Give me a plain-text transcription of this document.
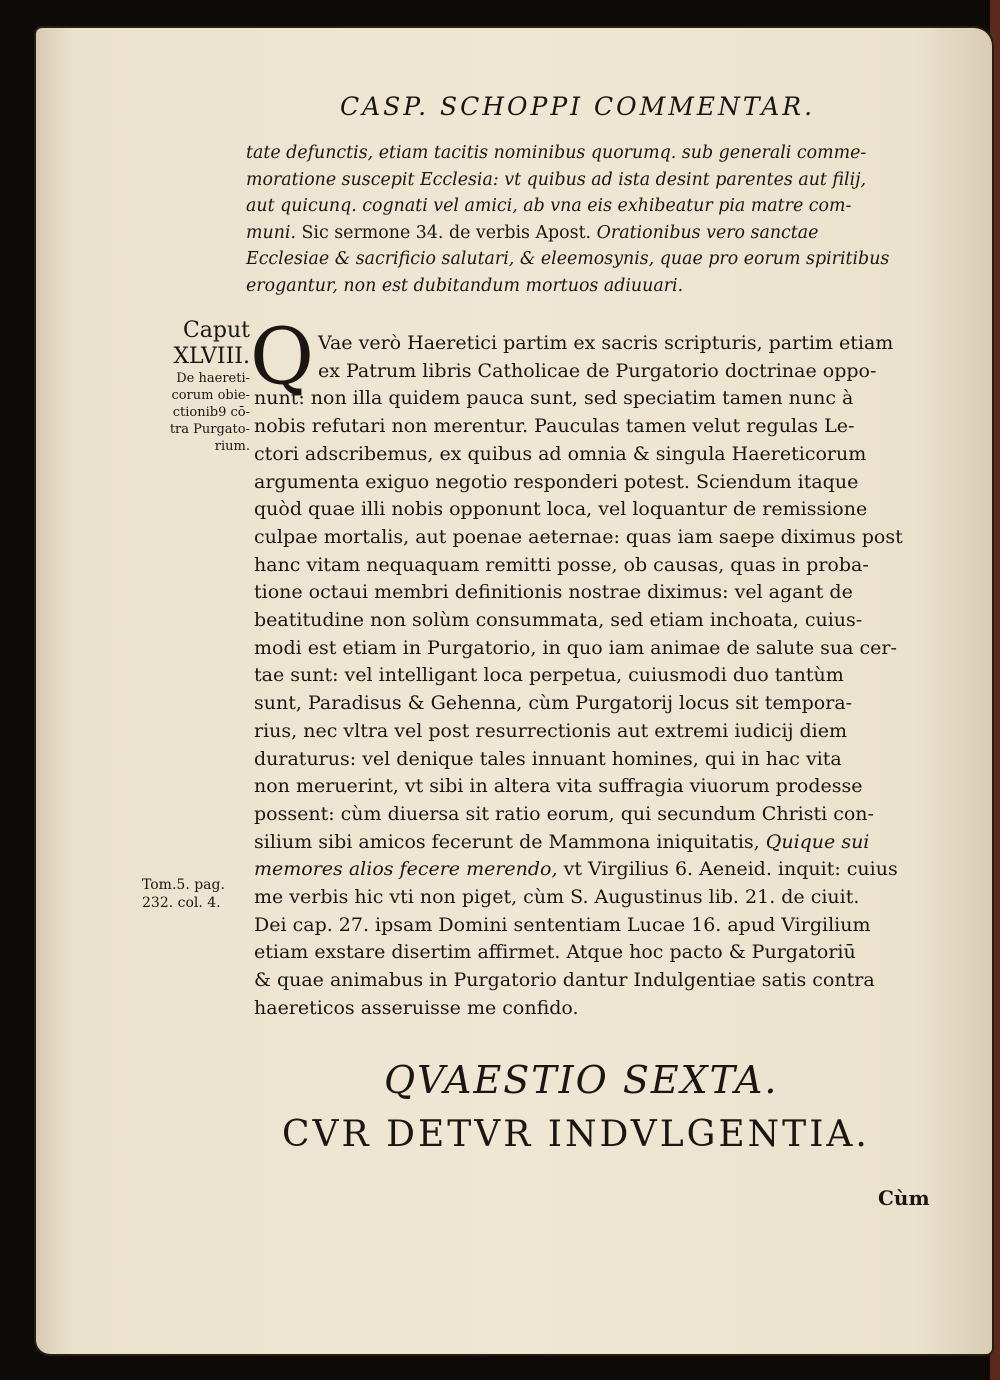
CASP. SCHOPPI COMMENTAR.
tate defunctis, etiam tacitis nominibus quorumq. sub generali comme-
moratione suscepit Ecclesia: vt quibus ad ista desint parentes aut filij,
aut quicunq. cognati vel amici, ab vna eis exhibeatur pia matre com-
muni. Sic sermone 34. de verbis Apost. Orationibus vero sanctae
Ecclesiae & sacrificio salutari, & eleemosynis, quae pro eorum spiritibus
erogantur, non est dubitandum mortuos adiuuari.
Caput
XLVIII.
De haereti-
corum obie-
ctionib9 cō-
tra Purgato-
rium.
Tom.5. pag.
232. col. 4.
Q Vae verò Haeretici partim ex sacris scripturis, partim etiam
ex Patrum libris Catholicae de Purgatorio doctrinae oppo-
nunt: non illa quidem pauca sunt, sed speciatim tamen nunc à
nobis refutari non merentur. Pauculas tamen velut regulas Le-
ctori adscribemus, ex quibus ad omnia & singula Haereticorum
argumenta exiguo negotio responderi potest. Sciendum itaque
quòd quae illi nobis opponunt loca, vel loquantur de remissione
culpae mortalis, aut poenae aeternae: quas iam saepe diximus post
hanc vitam nequaquam remitti posse, ob causas, quas in proba-
tione octaui membri definitionis nostrae diximus: vel agant de
beatitudine non solùm consummata, sed etiam inchoata, cuius-
modi est etiam in Purgatorio, in quo iam animae de salute sua cer-
tae sunt: vel intelligant loca perpetua, cuiusmodi duo tantùm
sunt, Paradisus & Gehenna, cùm Purgatorij locus sit tempora-
rius, nec vltra vel post resurrectionis aut extremi iudicij diem
duraturus: vel denique tales innuant homines, qui in hac vita
non meruerint, vt sibi in altera vita suffragia viuorum prodesse
possent: cùm diuersa sit ratio eorum, qui secundum Christi con-
silium sibi amicos fecerunt de Mammona iniquitatis, Quique sui
memores alios fecere merendo, vt Virgilius 6. Aeneid. inquit: cuius
me verbis hic vti non piget, cùm S. Augustinus lib. 21. de ciuit.
Dei cap. 27. ipsam Domini sententiam Lucae 16. apud Virgilium
etiam exstare disertim affirmet. Atque hoc pacto & Purgatoriū
& quae animabus in Purgatorio dantur Indulgentiae satis contra
haereticos asseruisse me confido.
QVAESTIO SEXTA.
CVR DETVR INDVLGENTIA.
Cùm
